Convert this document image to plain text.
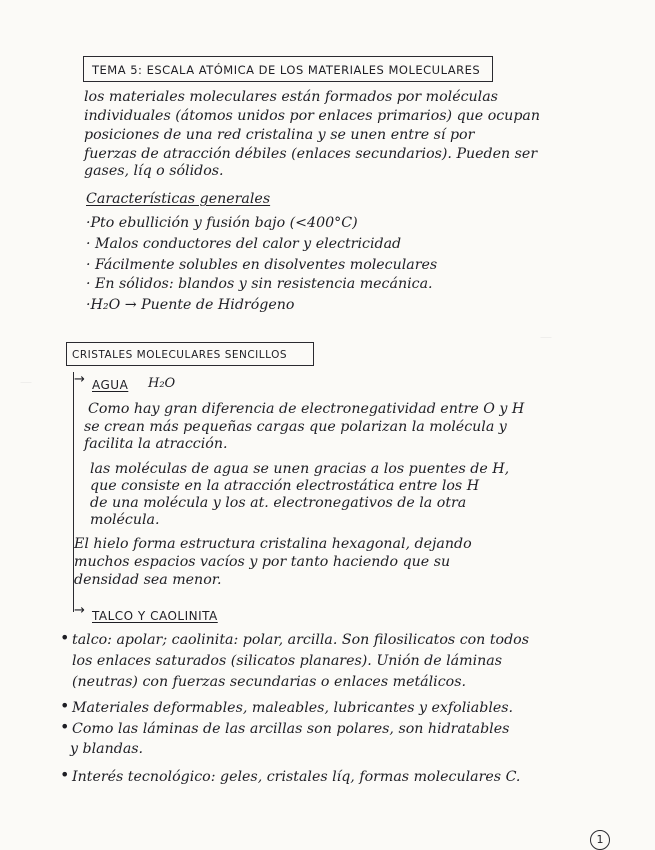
—
—
TEMA 5: ESCALA ATÓMICA DE LOS MATERIALES MOLECULARES
los materiales moleculares están formados por moléculas
individuales (átomos unidos por enlaces primarios) que ocupan
posiciones de una red cristalina y se unen entre sí por
fuerzas de atracción débiles (enlaces secundarios). Pueden ser
gases, líq o sólidos.
Características generales
·Pto ebullición y fusión bajo (<400°C)
· Malos conductores del calor y electricidad
· Fácilmente solubles en disolventes moleculares
· En sólidos: blandos y sin resistencia mecánica.
·H₂O → Puente de Hidrógeno
CRISTALES MOLECULARES SENCILLOS
→
→
AGUA H₂O
Como hay gran diferencia de electronegatividad entre O y H
se crean más pequeñas cargas que polarizan la molécula y
facilita la atracción.
las moléculas de agua se unen gracias a los puentes de H,
que consiste en la atracción electrostática entre los H
de una molécula y los at. electronegativos de la otra
molécula.
El hielo forma estructura cristalina hexagonal, dejando
muchos espacios vacíos y por tanto haciendo que su
densidad sea menor.
TALCO Y CAOLINITA
• talco: apolar; caolinita: polar, arcilla. Son filosilicatos con todos
los enlaces saturados (silicatos planares). Unión de láminas
(neutras) con fuerzas secundarias o enlaces metálicos.
• Materiales deformables, maleables, lubricantes y exfoliables.
• Como las láminas de las arcillas son polares, son hidratables
y blandas.
• Interés tecnológico: geles, cristales líq, formas moleculares C.
1
